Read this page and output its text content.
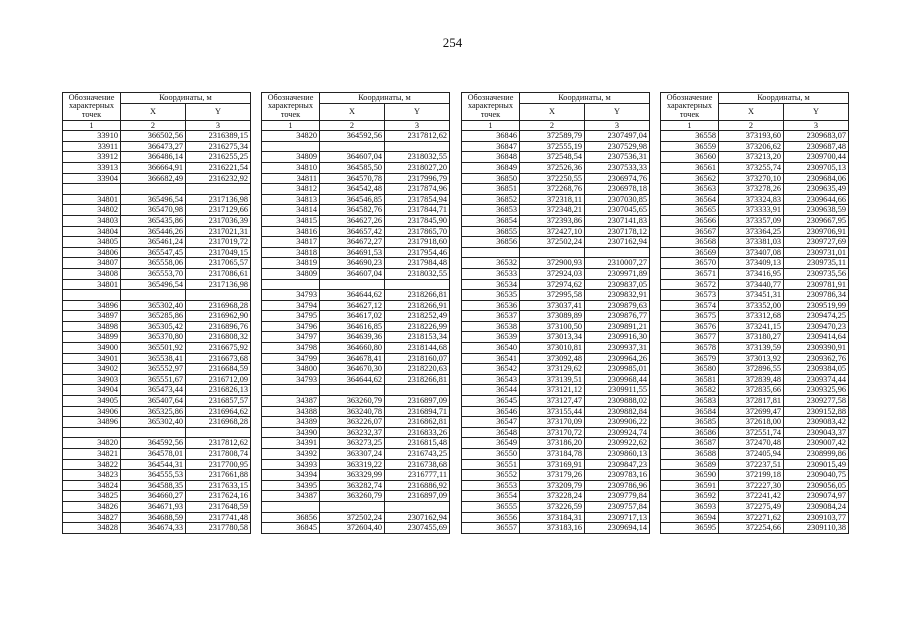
254
Обозначение характерных точек	Координаты, м	
	X	Y
1	2	3
33910	366502,56	2316389,15
33911	366473,27	2316275,34
33912	366486,14	2316255,25
33913	366664,91	2316221,54
33904	366682,49	2316232,92

34801	365496,54	2317136,98
34802	365470,98	2317129,66
34803	365435,86	2317036,39
34804	365446,26	2317021,31
34805	365461,24	2317019,72
34806	365547,45	2317049,15
34807	365558,06	2317065,57
34808	365553,70	2317086,61
34801	365496,54	2317136,98

34896	365302,40	2316968,28
34897	365285,86	2316962,90
34898	365305,42	2316896,76
34899	365370,80	2316808,32
34900	365501,92	2316675,92
34901	365538,41	2316673,68
34902	365552,97	2316684,59
34903	365551,67	2316712,09
34904	365473,44	2316826,13
34905	365407,64	2316857,57
34906	365325,86	2316964,62
34896	365302,40	2316968,28

34820	364592,56	2317812,62
34821	364578,01	2317808,74
34822	364544,31	2317700,95
34823	364555,53	2317661,88
34824	364588,35	2317633,15
34825	364660,27	2317624,16
34826	364671,93	2317648,59
34827	364688,59	2317741,48
34828	364674,33	2317780,58
Обозначение характерных точек	Координаты, м	
	X	Y
1	2	3
34820	364592,56	2317812,62

34809	364607,04	2318032,55
34810	364585,50	2318027,20
34811	364570,78	2317996,79
34812	364542,48	2317874,96
34813	364546,85	2317854,94
34814	364582,76	2317844,71
34815	364627,26	2317845,90
34816	364657,42	2317865,70
34817	364672,27	2317918,60
34818	364691,53	2317954,46
34819	364690,23	2317984,48
34809	364607,04	2318032,55

34793	364644,62	2318266,81
34794	364627,12	2318266,91
34795	364617,02	2318252,49
34796	364616,85	2318226,99
34797	364639,36	2318153,34
34798	364660,80	2318144,68
34799	364678,41	2318160,07
34800	364670,30	2318220,63
34793	364644,62	2318266,81

34387	363260,79	2316897,09
34388	363240,78	2316894,71
34389	363226,07	2316862,81
34390	363232,37	2316833,26
34391	363273,25	2316815,48
34392	363307,24	2316743,25
34393	363319,22	2316738,68
34394	363329,99	2316777,11
34395	363282,74	2316886,92
34387	363260,79	2316897,09

36856	372502,24	2307162,94
36845	372604,40	2307455,69
Обозначение характерных точек	Координаты, м	
	X	Y
1	2	3
36846	372589,79	2307497,04
36847	372555,19	2307529,98
36848	372548,54	2307536,31
36849	372526,36	2307533,33
36850	372250,55	2306974,76
36851	372268,76	2306978,18
36852	372318,11	2307030,85
36853	372348,21	2307045,65
36854	372393,86	2307141,83
36855	372427,10	2307178,12
36856	372502,24	2307162,94

36532	372900,93	2310007,27
36533	372924,03	2309971,89
36534	372974,62	2309837,05
36535	372995,58	2309832,91
36536	373037,41	2309879,63
36537	373089,89	2309876,77
36538	373100,50	2309891,21
36539	373013,34	2309916,30
36540	373010,81	2309937,31
36541	373092,48	2309964,26
36542	373129,62	2309985,01
36543	373139,51	2309968,44
36544	373121,12	2309911,55
36545	373127,47	2309888,02
36546	373155,44	2309882,84
36547	373170,09	2309906,22
36548	373170,72	2309924,74
36549	373186,20	2309922,62
36550	373184,78	2309860,13
36551	373169,91	2309847,23
36552	373179,26	2309783,16
36553	373209,79	2309786,96
36554	373228,24	2309779,84
36555	373226,59	2309757,84
36556	373184,31	2309717,13
36557	373183,16	2309694,14
Обозначение характерных точек	Координаты, м	
	X	Y
1	2	3
36558	373193,60	2309683,07
36559	373206,62	2309687,48
36560	373213,20	2309700,44
36561	373255,74	2309705,13
36562	373270,10	2309684,06
36563	373278,26	2309635,49
36564	373324,83	2309644,66
36565	373333,91	2309638,59
36566	373357,09	2309667,95
36567	373364,25	2309706,91
36568	373381,03	2309727,69
36569	373407,08	2309731,01
36570	373409,13	2309735,11
36571	373416,95	2309735,56
36572	373440,77	2309781,91
36573	373451,31	2309786,34
36574	373352,00	2309519,99
36575	373312,68	2309474,25
36576	373241,15	2309470,23
36577	373180,27	2309414,64
36578	373139,59	2309390,91
36579	373013,92	2309362,76
36580	372896,55	2309384,05
36581	372839,48	2309374,44
36582	372835,66	2309325,96
36583	372817,81	2309277,58
36584	372699,47	2309152,88
36585	372618,00	2309083,42
36586	372551,74	2309043,37
36587	372470,48	2309007,42
36588	372405,94	2308999,86
36589	372237,51	2309015,49
36590	372199,18	2309040,75
36591	372227,30	2309056,05
36592	372241,42	2309074,97
36593	372275,49	2309084,24
36594	372271,62	2309103,77
36595	372254,66	2309110,38
